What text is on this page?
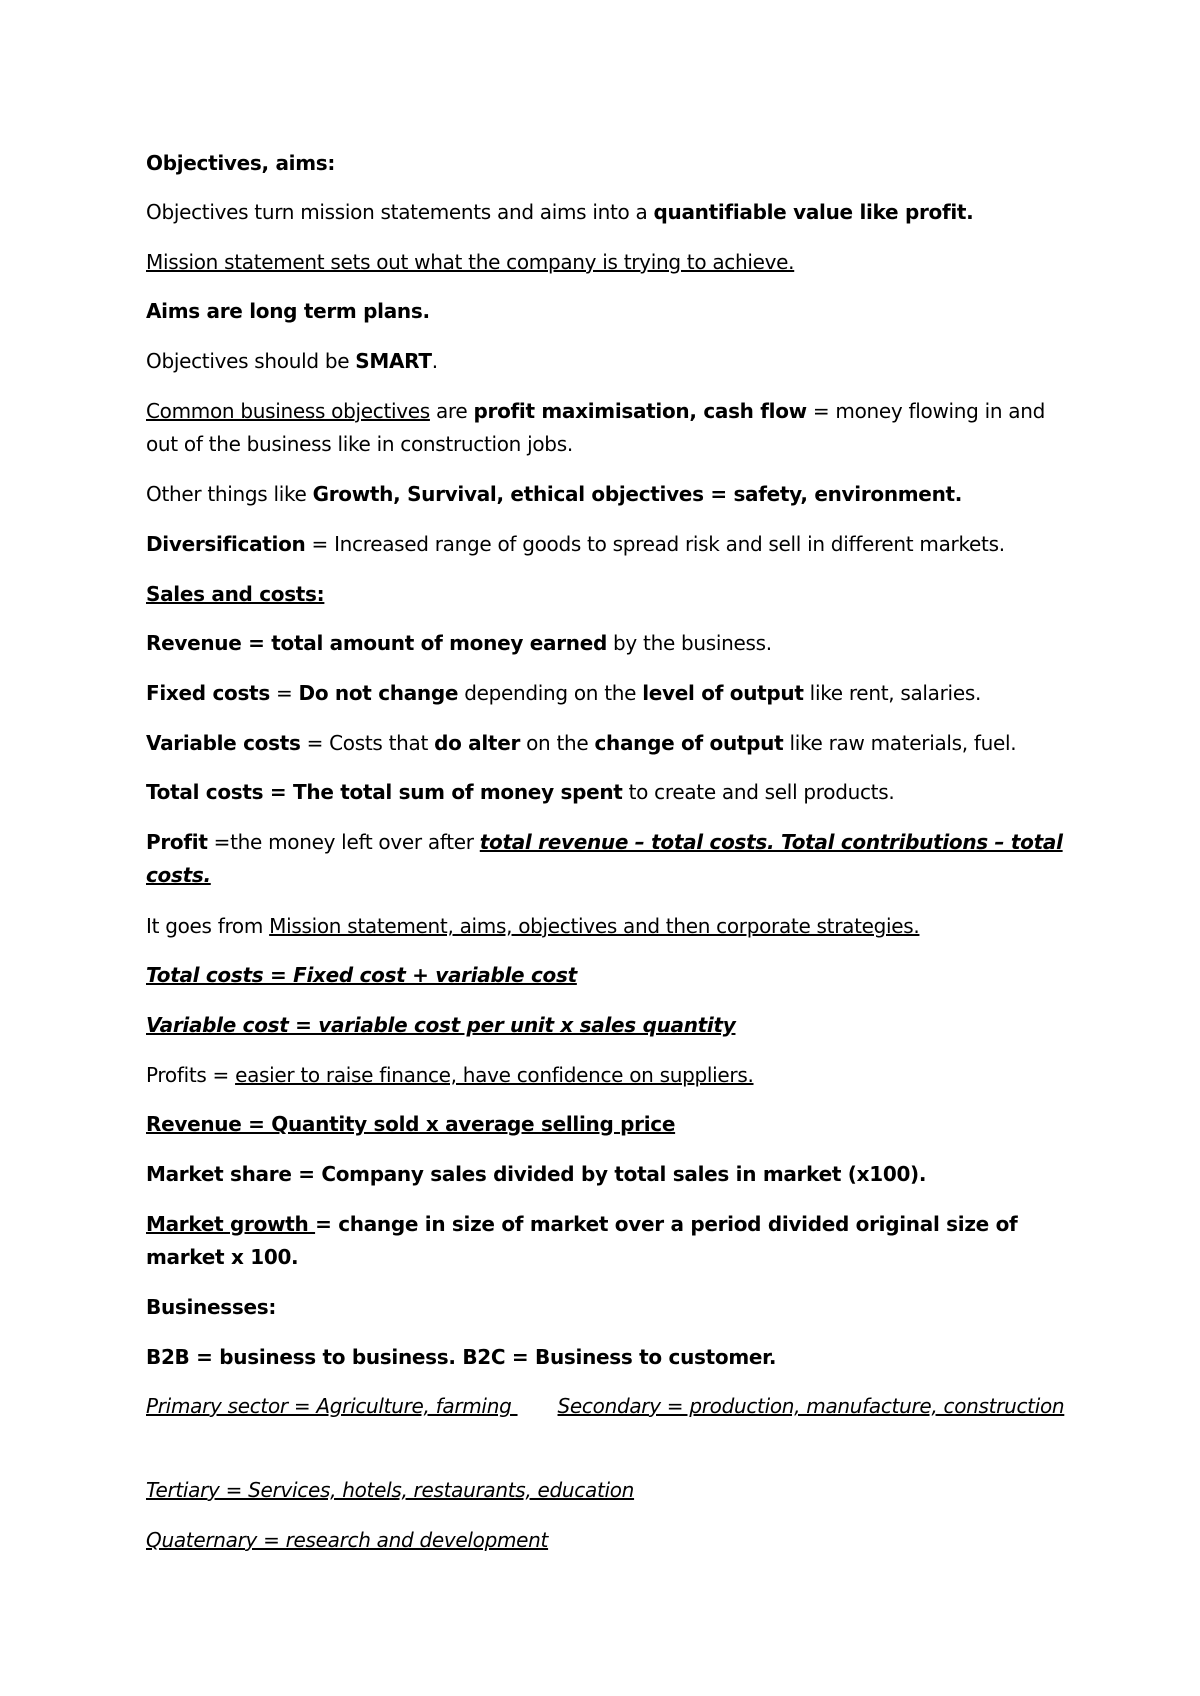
Objectives, aims:
Objectives turn mission statements and aims into a quantifiable value like profit.
Mission statement sets out what the company is trying to achieve.
Aims are long term plans.
Objectives should be SMART.
Common business objectives are profit maximisation, cash flow = money flowing in and out of the business like in construction jobs.
Other things like Growth, Survival, ethical objectives = safety, environment.
Diversification = Increased range of goods to spread risk and sell in different markets.
Sales and costs:
Revenue = total amount of money earned by the business.
Fixed costs = Do not change depending on the level of output like rent, salaries.
Variable costs = Costs that do alter on the change of output like raw materials, fuel.
Total costs = The total sum of money spent to create and sell products.
Profit =the money left over after total revenue – total costs. Total contributions – total costs.
It goes from Mission statement, aims, objectives and then corporate strategies.
Total costs = Fixed cost + variable cost
Variable cost = variable cost per unit x sales quantity
Profits = easier to raise finance, have confidence on suppliers.
Revenue = Quantity sold x average selling price
Market share = Company sales divided by total sales in market (x100).
Market growth = change in size of market over a period divided original size of market x 100.
Businesses:
B2B = business to business. B2C = Business to customer.
Primary sector = Agriculture, farming Secondary = production, manufacture, construction
Tertiary = Services, hotels, restaurants, education
Quaternary = research and development
